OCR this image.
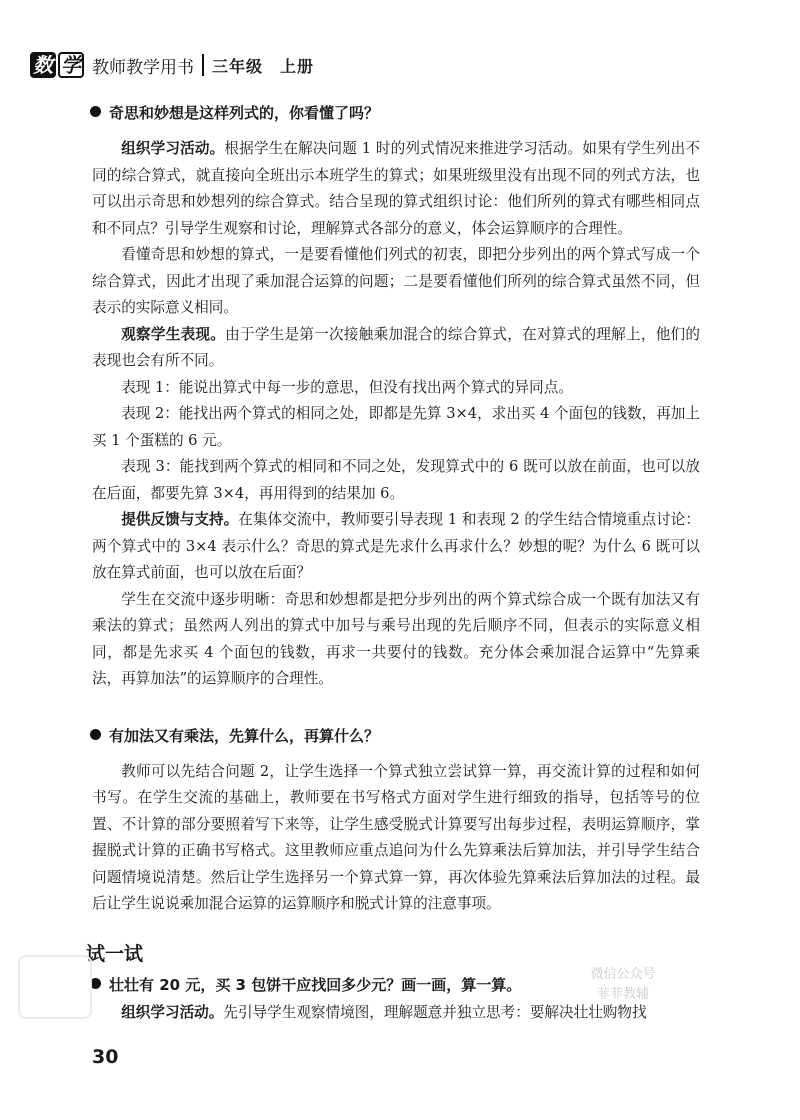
数 学 教师教学用书 三年级　上册
奇思和妙想是这样列式的，你看懂了吗？

组织学习活动。根据学生在解决问题 1 时的列式情况来推进学习活动。如果有学生列出不同的综合算式，就直接向全班出示本班学生的算式；如果班级里没有出现不同的列式方法，也可以出示奇思和妙想列的综合算式。结合呈现的算式组织讨论：他们所列的算式有哪些相同点和不同点？引导学生观察和讨论，理解算式各部分的意义，体会运算顺序的合理性。

看懂奇思和妙想的算式，一是要看懂他们列式的初衷，即把分步列出的两个算式写成一个综合算式，因此才出现了乘加混合运算的问题；二是要看懂他们所列的综合算式虽然不同，但表示的实际意义相同。

观察学生表现。由于学生是第一次接触乘加混合的综合算式，在对算式的理解上，他们的表现也会有所不同。

表现 1：能说出算式中每一步的意思，但没有找出两个算式的异同点。

表现 2：能找出两个算式的相同之处，即都是先算 3×4，求出买 4 个面包的钱数，再加上买 1 个蛋糕的 6 元。

表现 3：能找到两个算式的相同和不同之处，发现算式中的 6 既可以放在前面，也可以放在后面，都要先算 3×4，再用得到的结果加 6。

提供反馈与支持。在集体交流中，教师要引导表现 1 和表现 2 的学生结合情境重点讨论：两个算式中的 3×4 表示什么？奇思的算式是先求什么再求什么？妙想的呢？为什么 6 既可以放在算式前面，也可以放在后面？

学生在交流中逐步明晰：奇思和妙想都是把分步列出的两个算式综合成一个既有加法又有乘法的算式；虽然两人列出的算式中加号与乘号出现的先后顺序不同，但表示的实际意义相同，都是先求买 4 个面包的钱数，再求一共要付的钱数。充分体会乘加混合运算中“先算乘法，再算加法”的运算顺序的合理性。

有加法又有乘法，先算什么，再算什么？

教师可以先结合问题 2，让学生选择一个算式独立尝试算一算，再交流计算的过程和如何书写。在学生交流的基础上，教师要在书写格式方面对学生进行细致的指导，包括等号的位置、不计算的部分要照着写下来等，让学生感受脱式计算要写出每步过程，表明运算顺序，掌握脱式计算的正确书写格式。这里教师应重点追问为什么先算乘法后算加法，并引导学生结合问题情境说清楚。然后让学生选择另一个算式算一算，再次体验先算乘法后算加法的过程。最后让学生说说乘加混合运算的运算顺序和脱式计算的注意事项。

试一试
壮壮有 20 元，买 3 包饼干应找回多少元？画一画，算一算。

组织学习活动。先引导学生观察情境图，理解题意并独立思考：要解决壮壮购物找

微信公众号
菲菲教辅
30
